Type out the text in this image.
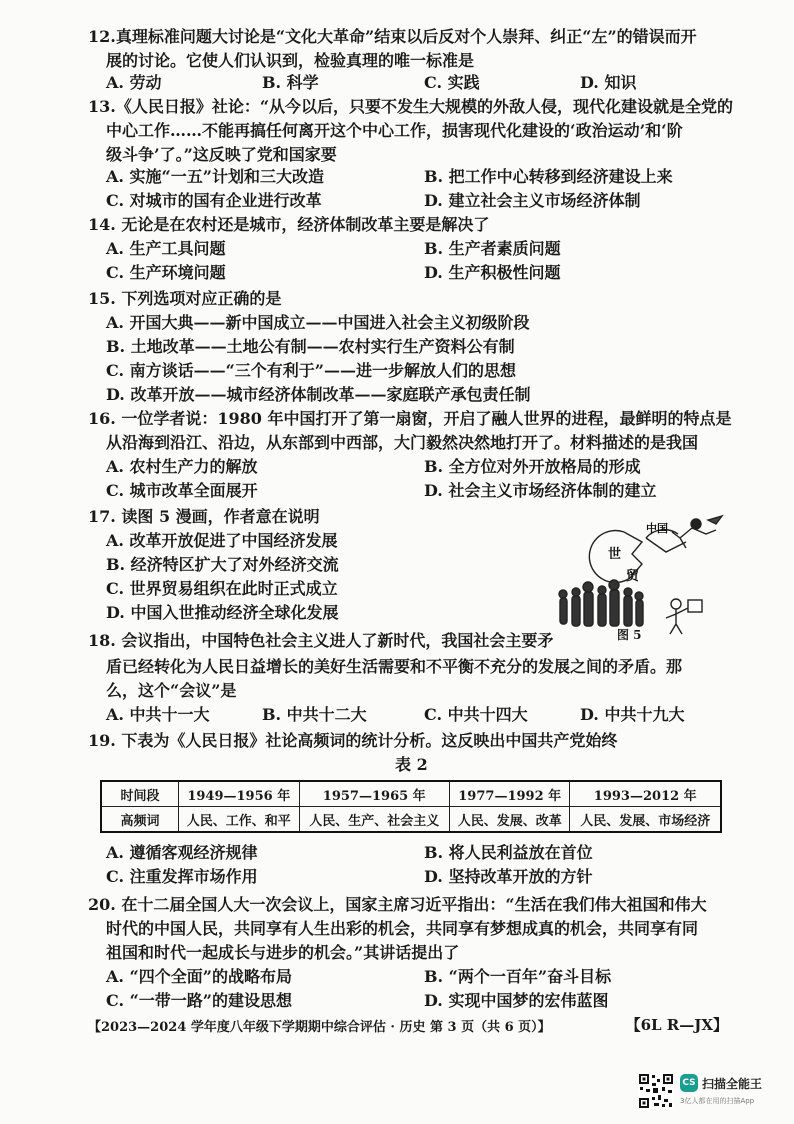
12.真理标准问题大讨论是“文化大革命”结束以后反对个人崇拜、纠正“左”的错误而开
展的讨论。它使人们认识到，检验真理的唯一标准是
A. 劳动	B. 科学	C. 实践	D. 知识
13.《人民日报》社论：“从今以后，只要不发生大规模的外敌人侵，现代化建设就是全党的
中心工作……不能再搞任何离开这个中心工作，损害现代化建设的‘政治运动’和‘阶
级斗争’了。”这反映了党和国家要
A. 实施“一五”计划和三大改造	B. 把工作中心转移到经济建设上来
C. 对城市的国有企业进行改革	D. 建立社会主义市场经济体制
14. 无论是在农村还是城市，经济体制改革主要是解决了
A. 生产工具问题	B. 生产者素质问题
C. 生产环境问题	D. 生产积极性问题
15. 下列选项对应正确的是
A. 开国大典——新中国成立——中国进入社会主义初级阶段
B. 土地改革——土地公有制——农村实行生产资料公有制
C. 南方谈话——“三个有利于”——进一步解放人们的思想
D. 改革开放——城市经济体制改革——家庭联产承包责任制
16. 一位学者说：1980 年中国打开了第一扇窗，开启了融人世界的进程，最鲜明的特点是
从沿海到沿江、沿边，从东部到中西部，大门毅然决然地打开了。材料描述的是我国
A. 农村生产力的解放	B. 全方位对外开放格局的形成
C. 城市改革全面展开	D. 社会主义市场经济体制的建立
17. 读图 5 漫画，作者意在说明
A. 改革开放促进了中国经济发展
B. 经济特区扩大了对外经济交流
C. 世界贸易组织在此时正式成立
D. 中国入世推动经济全球化发展
世
中国
贸
图 5
18. 会议指出，中国特色社会主义进人了新时代，我国社会主要矛
盾已经转化为人民日益增长的美好生活需要和不平衡不充分的发展之间的矛盾。那
么，这个“会议”是
A. 中共十一大	B. 中共十二大	C. 中共十四大	D. 中共十九大
19. 下表为《人民日报》社论高频词的统计分析。这反映出中国共产党始终
表 2
时间段	1949—1956 年	1957—1965 年	1977—1992 年	1993—2012 年
高频词	人民、工作、和平	人民、生产、社会主义	人民、发展、改革	人民、发展、市场经济
A. 遵循客观经济规律	B. 将人民利益放在首位
C. 注重发挥市场作用	D. 坚持改革开放的方针
20. 在十二届全国人大一次会议上，国家主席习近平指出：“生活在我们伟大祖国和伟大
时代的中国人民，共同享有人生出彩的机会，共同享有梦想成真的机会，共同享有同
祖国和时代一起成长与进步的机会。”其讲话提出了
A. “四个全面”的战略布局	B. “两个一百年”奋斗目标
C. “一带一路”的建设思想	D. 实现中国梦的宏伟蓝图
【2023—2024 学年度八年级下学期期中综合评估 · 历史 第 3 页（共 6 页）】	【6L R—JX】
CS 扫描全能王
3亿人都在用的扫描App
